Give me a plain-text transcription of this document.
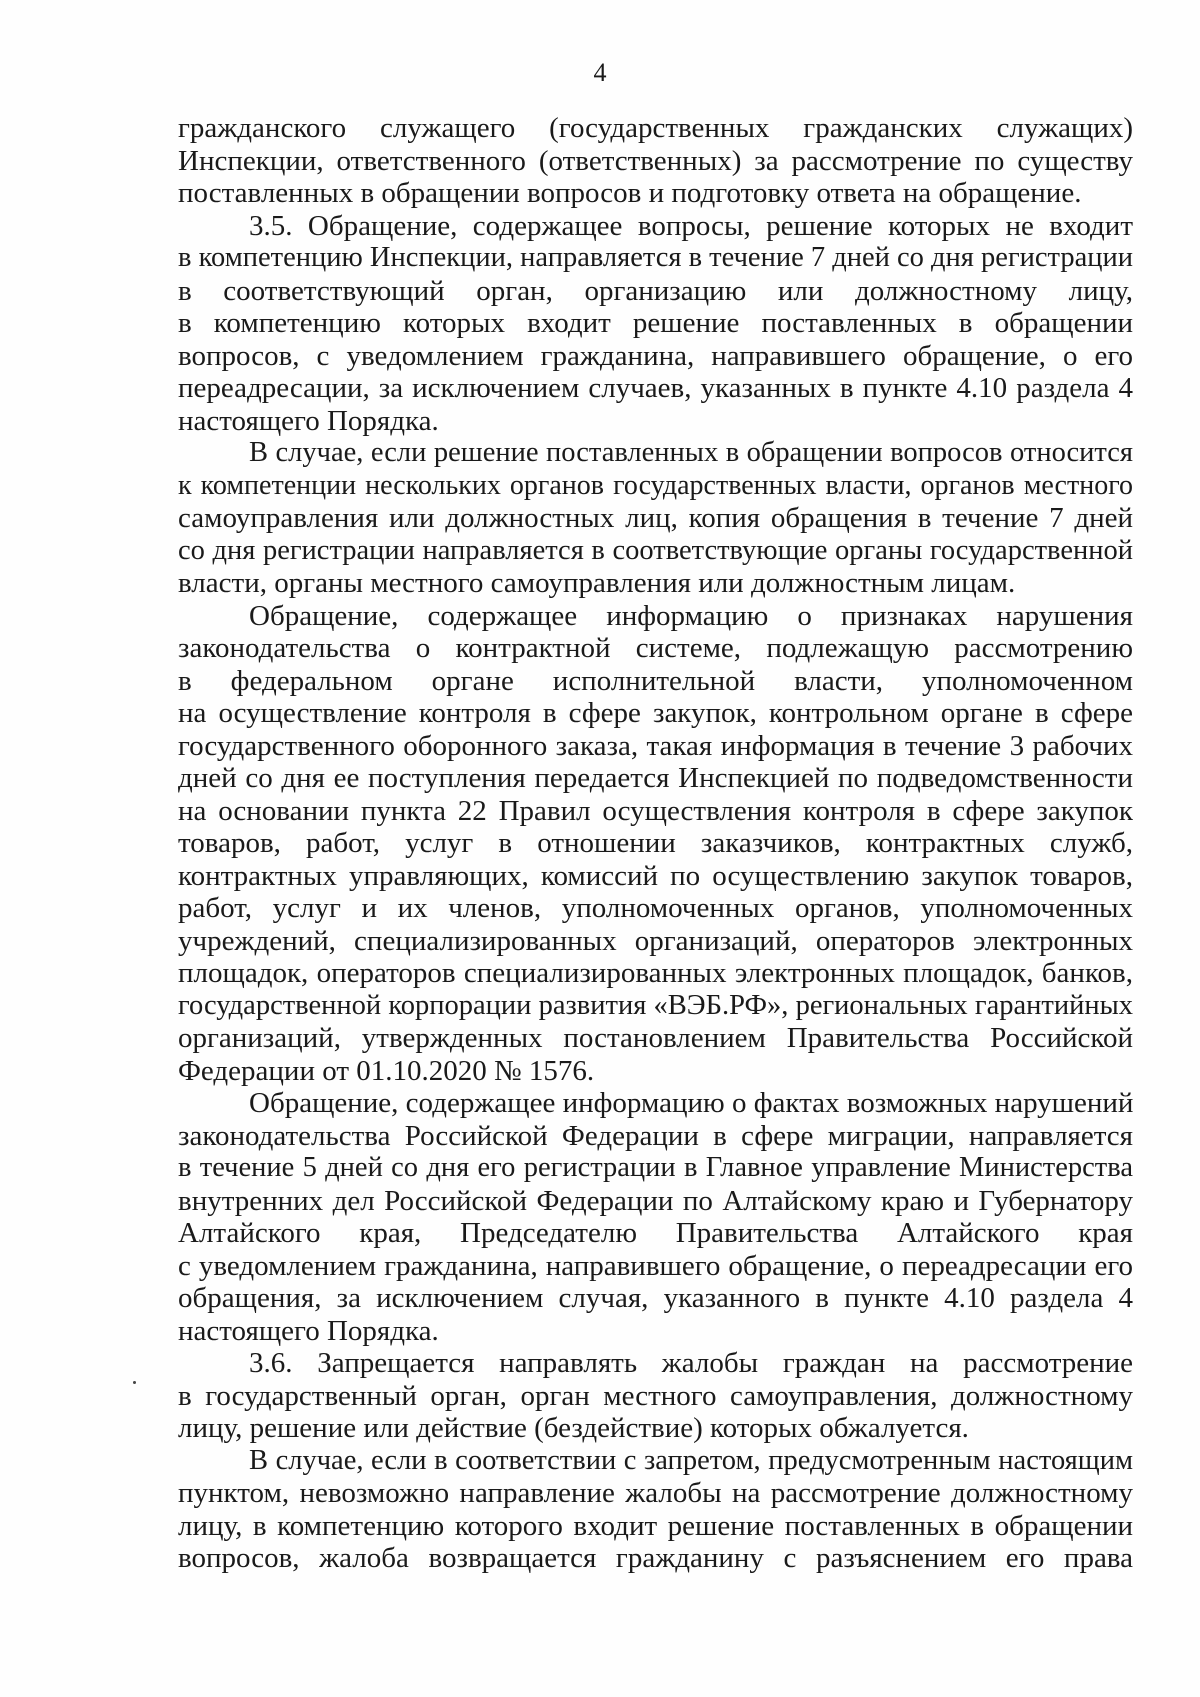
4
гражданского служащего (государственных гражданских служащих)
Инспекции, ответственного (ответственных) за рассмотрение по существу
поставленных в обращении вопросов и подготовку ответа на обращение.
3.5. Обращение, содержащее вопросы, решение которых не входит
в компетенцию Инспекции, направляется в течение 7 дней со дня регистрации
в соответствующий орган, организацию или должностному лицу,
в компетенцию которых входит решение поставленных в обращении
вопросов, с уведомлением гражданина, направившего обращение, о его
переадресации, за исключением случаев, указанных в пункте 4.10 раздела 4
настоящего Порядка.
В случае, если решение поставленных в обращении вопросов относится
к компетенции нескольких органов государственных власти, органов местного
самоуправления или должностных лиц, копия обращения в течение 7 дней
со дня регистрации направляется в соответствующие органы государственной
власти, органы местного самоуправления или должностным лицам.
Обращение, содержащее информацию о признаках нарушения
законодательства о контрактной системе, подлежащую рассмотрению
в федеральном органе исполнительной власти, уполномоченном
на осуществление контроля в сфере закупок, контрольном органе в сфере
государственного оборонного заказа, такая информация в течение 3 рабочих
дней со дня ее поступления передается Инспекцией по подведомственности
на основании пункта 22 Правил осуществления контроля в сфере закупок
товаров, работ, услуг в отношении заказчиков, контрактных служб,
контрактных управляющих, комиссий по осуществлению закупок товаров,
работ, услуг и их членов, уполномоченных органов, уполномоченных
учреждений, специализированных организаций, операторов электронных
площадок, операторов специализированных электронных площадок, банков,
государственной корпорации развития «ВЭБ.РФ», региональных гарантийных
организаций, утвержденных постановлением Правительства Российской
Федерации от 01.10.2020 № 1576.
Обращение, содержащее информацию о фактах возможных нарушений
законодательства Российской Федерации в сфере миграции, направляется
в течение 5 дней со дня его регистрации в Главное управление Министерства
внутренних дел Российской Федерации по Алтайскому краю и Губернатору
Алтайского края, Председателю Правительства Алтайского края
с уведомлением гражданина, направившего обращение, о переадресации его
обращения, за исключением случая, указанного в пункте 4.10 раздела 4
настоящего Порядка.
3.6. Запрещается направлять жалобы граждан на рассмотрение
в государственный орган, орган местного самоуправления, должностному
лицу, решение или действие (бездействие) которых обжалуется.
В случае, если в соответствии с запретом, предусмотренным настоящим
пунктом, невозможно направление жалобы на рассмотрение должностному
лицу, в компетенцию которого входит решение поставленных в обращении
вопросов, жалоба возвращается гражданину с разъяснением его права
